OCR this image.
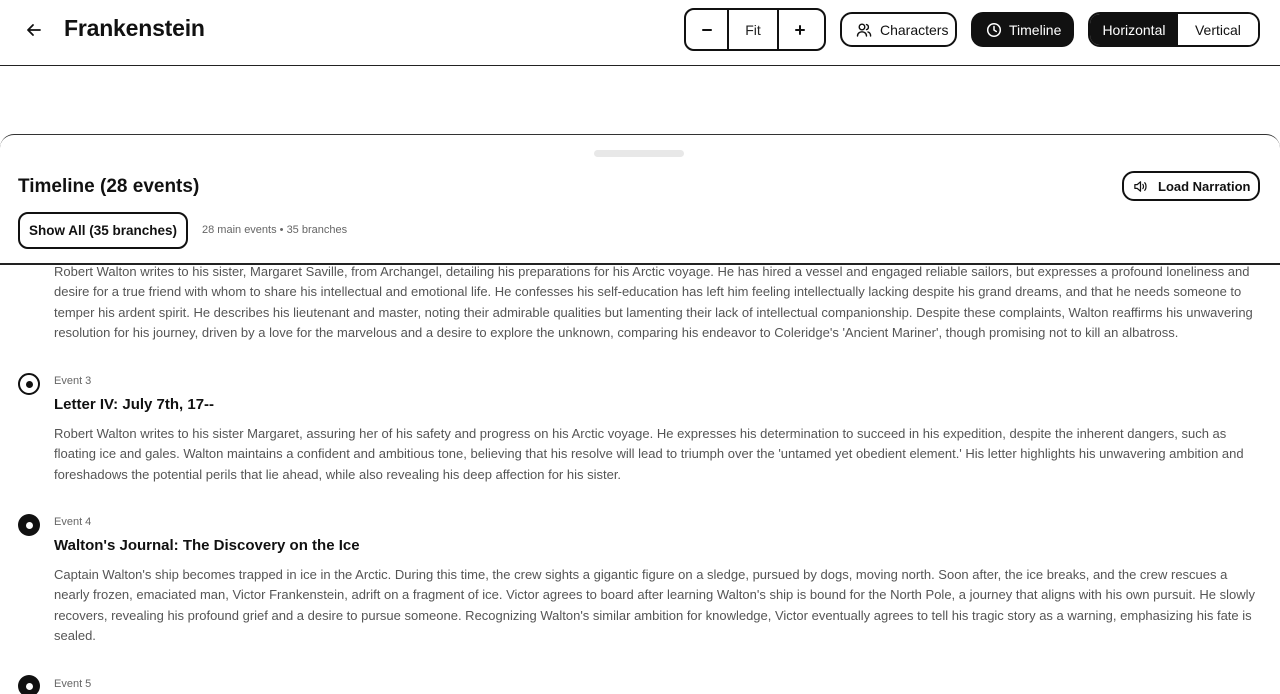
Frankenstein	Fit	Characters	Timeline	Horizontal	Vertical
Timeline (28 events)	Load Narration
Show All (35 branches)	28 main events • 35 branches
Robert Walton writes to his sister, Margaret Saville, from Archangel, detailing his preparations for his Arctic voyage. He has hired a vessel and engaged reliable sailors, but expresses a profound loneliness and desire for a true friend with whom to share his intellectual and emotional life. He confesses his self-education has left him feeling intellectually lacking despite his grand dreams, and that he needs someone to temper his ardent spirit. He describes his lieutenant and master, noting their admirable qualities but lamenting their lack of intellectual companionship. Despite these complaints, Walton reaffirms his unwavering resolution for his journey, driven by a love for the marvelous and a desire to explore the unknown, comparing his endeavor to Coleridge's 'Ancient Mariner', though promising not to kill an albatross.
Event 3
Letter IV: July 7th, 17--
Robert Walton writes to his sister Margaret, assuring her of his safety and progress on his Arctic voyage. He expresses his determination to succeed in his expedition, despite the inherent dangers, such as floating ice and gales. Walton maintains a confident and ambitious tone, believing that his resolve will lead to triumph over the 'untamed yet obedient element.' His letter highlights his unwavering ambition and foreshadows the potential perils that lie ahead, while also revealing his deep affection for his sister.
Event 4
Walton's Journal: The Discovery on the Ice
Captain Walton's ship becomes trapped in ice in the Arctic. During this time, the crew sights a gigantic figure on a sledge, pursued by dogs, moving north. Soon after, the ice breaks, and the crew rescues a nearly frozen, emaciated man, Victor Frankenstein, adrift on a fragment of ice. Victor agrees to board after learning Walton's ship is bound for the North Pole, a journey that aligns with his own pursuit. He slowly recovers, revealing his profound grief and a desire to pursue someone. Recognizing Walton's similar ambition for knowledge, Victor eventually agrees to tell his tragic story as a warning, emphasizing his fate is sealed.
Event 5
